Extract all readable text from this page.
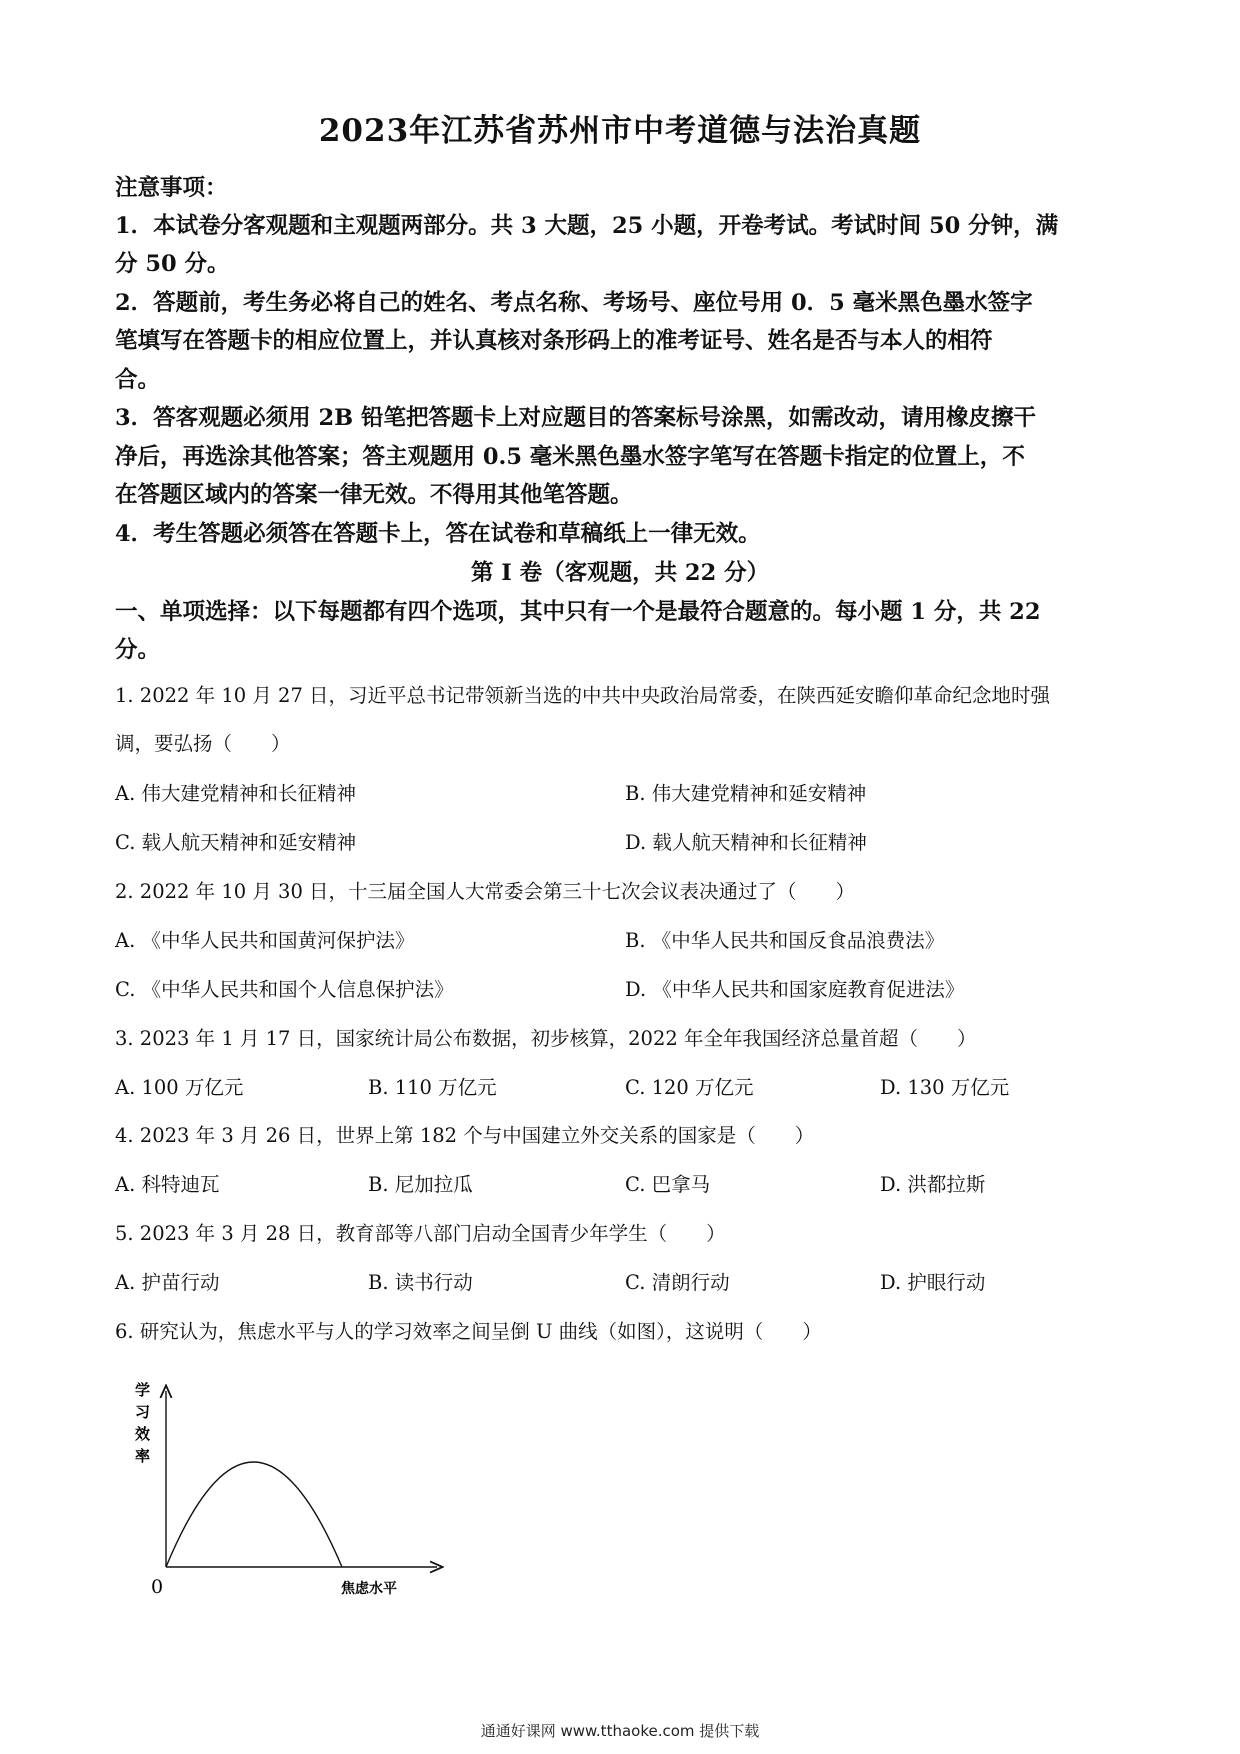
2023年江苏省苏州市中考道德与法治真题
注意事项：
1．本试卷分客观题和主观题两部分。共 3 大题，25 小题，开卷考试。考试时间 50 分钟，满
分 50 分。
2．答题前，考生务必将自己的姓名、考点名称、考场号、座位号用 0．5 毫米黑色墨水签字
笔填写在答题卡的相应位置上，并认真核对条形码上的准考证号、姓名是否与本人的相符
合。
3．答客观题必须用 2B 铅笔把答题卡上对应题目的答案标号涂黑，如需改动，请用橡皮擦干
净后，再选涂其他答案；答主观题用 0.5 毫米黑色墨水签字笔写在答题卡指定的位置上，不
在答题区域内的答案一律无效。不得用其他笔答题。
4．考生答题必须答在答题卡上，答在试卷和草稿纸上一律无效。
第 I 卷（客观题，共 22 分）
一、单项选择：以下每题都有四个选项，其中只有一个是最符合题意的。每小题 1 分，共 22
分。
1. 2022 年 10 月 27 日，习近平总书记带领新当选的中共中央政治局常委，在陕西延安瞻仰革命纪念地时强
调，要弘扬（　　）
A. 伟大建党精神和长征精神	B. 伟大建党精神和延安精神
C. 载人航天精神和延安精神	D. 载人航天精神和长征精神
2. 2022 年 10 月 30 日，十三届全国人大常委会第三十七次会议表决通过了（　　）
A. 《中华人民共和国黄河保护法》	B. 《中华人民共和国反食品浪费法》
C. 《中华人民共和国个人信息保护法》	D. 《中华人民共和国家庭教育促进法》
3. 2023 年 1 月 17 日，国家统计局公布数据，初步核算，2022 年全年我国经济总量首超（　　）
A. 100 万亿元	B. 110 万亿元	C. 120 万亿元	D. 130 万亿元
4. 2023 年 3 月 26 日，世界上第 182 个与中国建立外交关系的国家是（　　）
A. 科特迪瓦	B. 尼加拉瓜	C. 巴拿马	D. 洪都拉斯
5. 2023 年 3 月 28 日，教育部等八部门启动全国青少年学生（　　）
A. 护苗行动	B. 读书行动	C. 清朗行动	D. 护眼行动
6. 研究认为，焦虑水平与人的学习效率之间呈倒 U 曲线（如图），这说明（　　）
学
习
效
率
0	焦虑水平
通通好课网 www.tthaoke.com 提供下载
